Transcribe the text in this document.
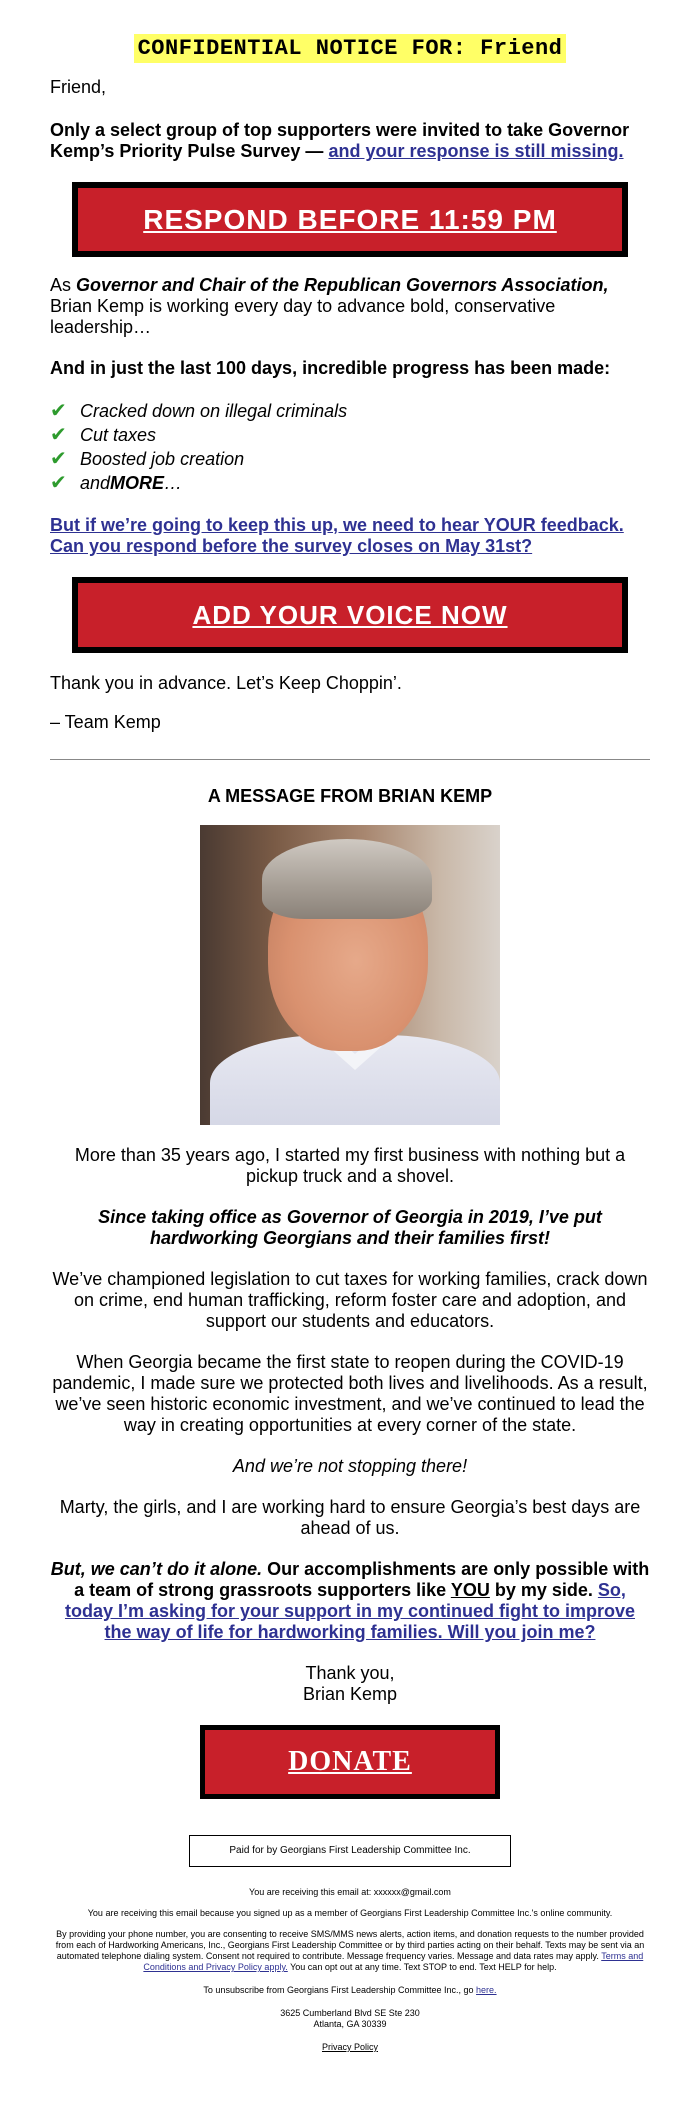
CONFIDENTIAL NOTICE FOR: Friend

Friend,

Only a select group of top supporters were invited to take Governor Kemp’s Priority Pulse Survey — and your response is still missing.

RESPOND BEFORE 11:59 PM

As Governor and Chair of the Republican Governors Association, Brian Kemp is working every day to advance bold, conservative leadership…

And in just the last 100 days, incredible progress has been made:

✔ Cracked down on illegal criminals
✔ Cut taxes
✔ Boosted job creation
✔ and MORE …

But if we’re going to keep this up, we need to hear YOUR feedback.
Can you respond before the survey closes on May 31st?

ADD YOUR VOICE NOW

Thank you in advance. Let’s Keep Choppin’.

– Team Kemp

A MESSAGE FROM BRIAN KEMP

More than 35 years ago, I started my first business with nothing but a pickup truck and a shovel.

Since taking office as Governor of Georgia in 2019, I’ve put hardworking Georgians and their families first!

We’ve championed legislation to cut taxes for working families, crack down on crime, end human trafficking, reform foster care and adoption, and support our students and educators.

When Georgia became the first state to reopen during the COVID-19 pandemic, I made sure we protected both lives and livelihoods. As a result, we’ve seen historic economic investment, and we’ve continued to lead the way in creating opportunities at every corner of the state.

And we’re not stopping there!

Marty, the girls, and I are working hard to ensure Georgia’s best days are ahead of us.

But, we can’t do it alone. Our accomplishments are only possible with a team of strong grassroots supporters like YOU by my side. So, today I’m asking for your support in my continued fight to improve the way of life for hardworking families. Will you join me?

Thank you,
Brian Kemp

DONATE
Paid for by Georgians First Leadership Committee Inc.

You are receiving this email at: xxxxxx@gmail.com

You are receiving this email because you signed up as a member of Georgians First Leadership Committee Inc.'s online community.

By providing your phone number, you are consenting to receive SMS/MMS news alerts, action items, and donation requests to the number provided from each of Hardworking Americans, Inc., Georgians First Leadership Committee or by third parties acting on their behalf. Texts may be sent via an automated telephone dialing system. Consent not required to contribute. Message frequency varies. Message and data rates may apply. Terms and Conditions and Privacy Policy apply. You can opt out at any time. Text STOP to end. Text HELP for help.

To unsubscribe from Georgians First Leadership Committee Inc., go here.

3625 Cumberland Blvd SE Ste 230
Atlanta, GA 30339

Privacy Policy
